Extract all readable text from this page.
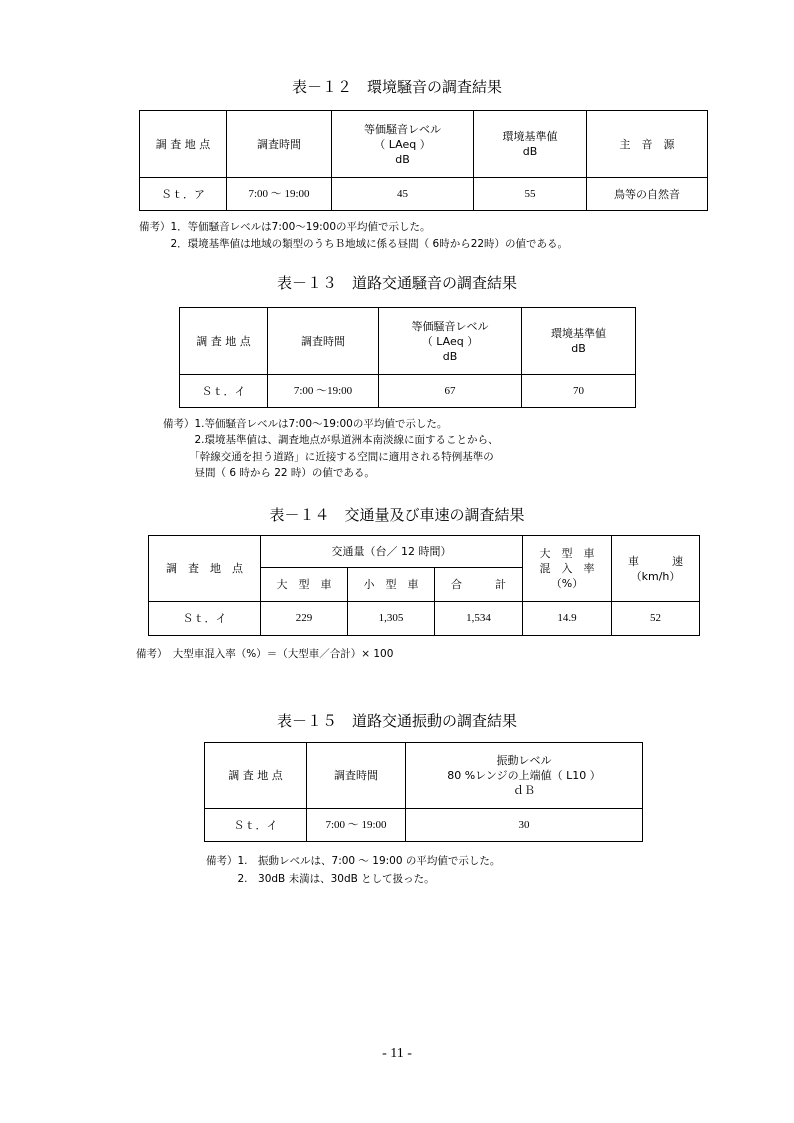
表－１２　環境騒音の調査結果
調 査 地 点	調査時間	等価騒音レベル
（ LAeq ）
dB	環境基準値
dB	主　音　源
Ｓｔ．ア	7:00 ～ 19:00	45	55	鳥等の自然音
備考）1．等価騒音レベルは7:00～19:00の平均値で示した。
　　　2．環境基準値は地域の類型のうちＢ地域に係る昼間（ 6時から22時）の値である。
表－１３　道路交通騒音の調査結果
調 査 地 点	調査時間	等価騒音レベル
（ LAeq ）
dB	環境基準値
dB
Ｓｔ．イ	7:00 ～19:00	67	70
備考）1.等価騒音レベルは7:00～19:00の平均値で示した。
　　　2.環境基準値は、調査地点が県道洲本南淡線に面することから、
　　　「幹線交通を担う道路」に近接する空間に適用される特例基準の
　　　昼間（ 6 時から 22 時）の値である。
表－１４　交通量及び車速の調査結果
調　査　地　点	交通量（台／ 12 時間）			大　型　車
混　入　率
（%）	車　　　速
（km/h）
	大　型　車	小　型　車	合　　　計		
Ｓｔ．イ	229	1,305	1,534	14.9	52
備考）　大型車混入率（%）＝（大型車／合計）× 100
表－１５　道路交通振動の調査結果
調 査 地 点	調査時間	振動レベル
80 %レンジの上端値（ L10 ）
ｄＢ
Ｓｔ．イ	7:00 ～ 19:00	30
備考）1.　振動レベルは、7:00 ～ 19:00 の平均値で示した。
　　　2.　30dB 未満は、30dB として扱った。
- 11 -
